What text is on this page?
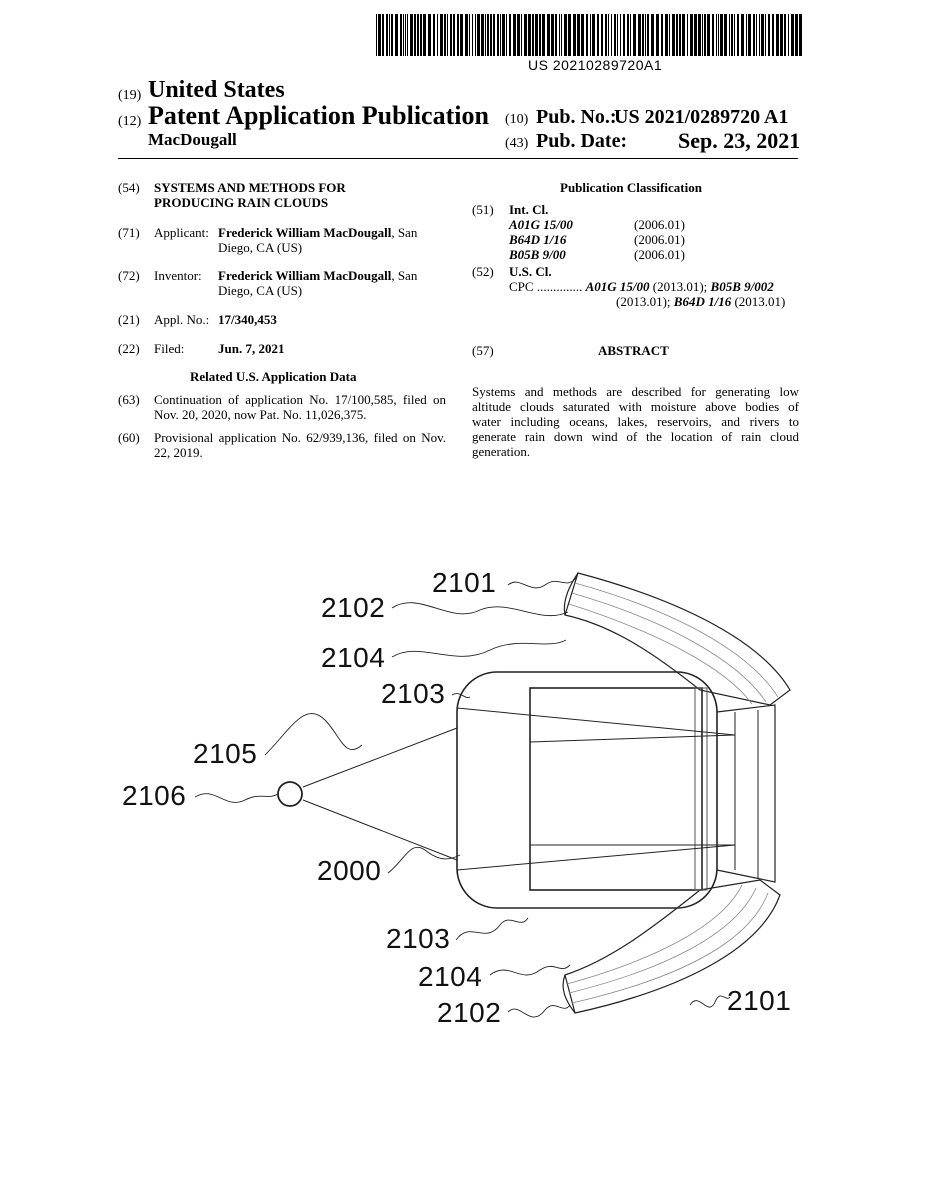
US 20210289720A1
(19) United States
(12) Patent Application Publication
MacDougall
(10) Pub. No.:
US 2021/0289720 A1
(43) Pub. Date: Sep. 23, 2021
(54) SYSTEMS AND METHODS FOR
PRODUCING RAIN CLOUDS
(71) Applicant: Frederick William MacDougall, San
Diego, CA (US)
(72) Inventor: Frederick William MacDougall, San
Diego, CA (US)
(21) Appl. No.: 17/340,453
(22) Filed:	Jun. 7, 2021
Related U.S. Application Data
(63) Continuation of application No. 17/100,585, filed on
Nov. 20, 2020, now Pat. No. 11,026,375.
(60) Provisional application No. 62/939,136, filed on Nov.
22, 2019.
Publication Classification
(51) Int. Cl.
A01G 15/00	(2006.01)
B64D 1/16	(2006.01)
B05B 9/00	(2006.01)
(52) U.S. Cl.
CPC .............. A01G 15/00 (2013.01); B05B 9/002
(2013.01); B64D 1/16 (2013.01)
(57)	ABSTRACT
Systems and methods are described for generating low
altitude clouds saturated with moisture above bodies of
water including oceans, lakes, reservoirs, and rivers to
generate rain down wind of the location of rain cloud
generation.
2101
2102
2104
2103
2105
2106
2000
2103
2104
2102	2101
